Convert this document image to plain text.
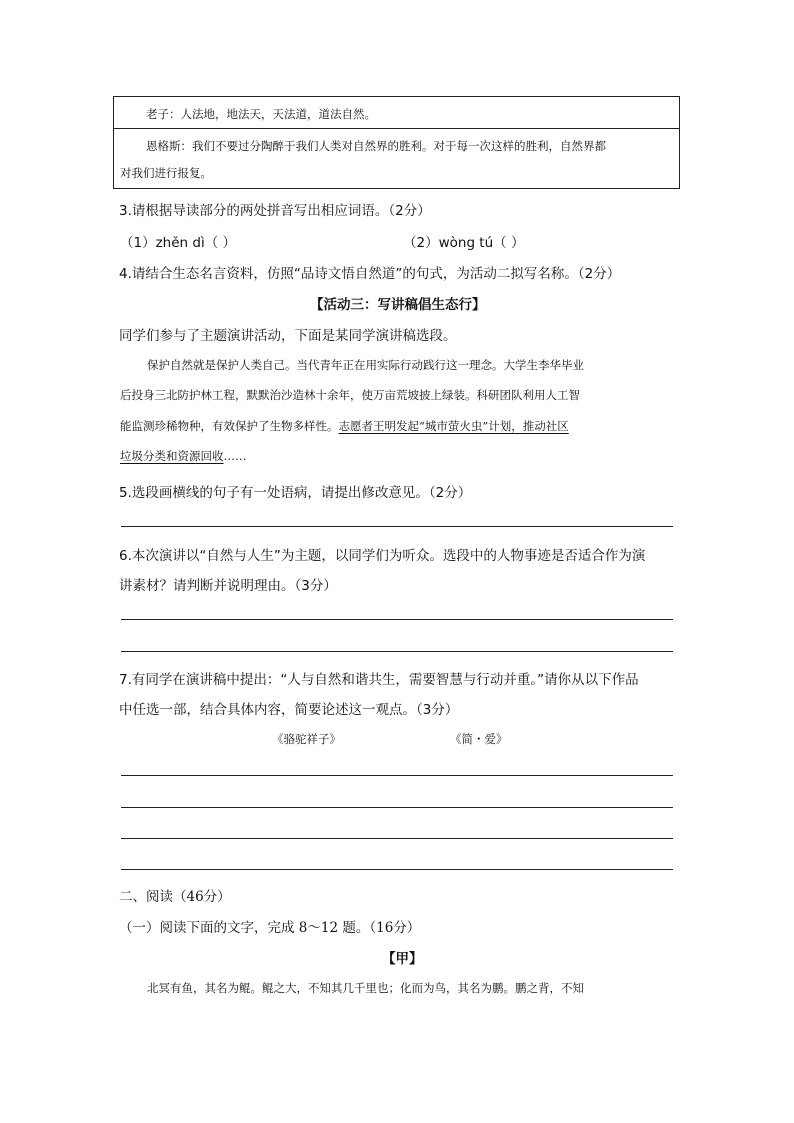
老子：人法地，地法天，天法道，道法自然。
恩格斯：我们不要过分陶醉于我们人类对自然界的胜利。对于每一次这样的胜利，自然界都
对我们进行报复。
3.请根据导读部分的两处拼音写出相应词语。（2分）
（1）zhěn dì（ ）	（2）wòng tú（ ）
4.请结合生态名言资料，仿照“品诗文悟自然道”的句式，为活动二拟写名称。（2分）
【活动三：写讲稿倡生态行】
同学们参与了主题演讲活动，下面是某同学演讲稿选段。
保护自然就是保护人类自己。当代青年正在用实际行动践行这一理念。大学生李华毕业
后投身三北防护林工程，默默治沙造林十余年，使万亩荒坡披上绿装。科研团队利用人工智
能监测珍稀物种，有效保护了生物多样性。志愿者王明发起“城市萤火虫”计划，推动社区
垃圾分类和资源回收……
5.选段画横线的句子有一处语病，请提出修改意见。（2分）
6.本次演讲以“自然与人生”为主题，以同学们为听众。选段中的人物事迹是否适合作为演
讲素材？请判断并说明理由。（3分）
7.有同学在演讲稿中提出：“人与自然和谐共生，需要智慧与行动并重。”请你从以下作品
中任选一部，结合具体内容，简要论述这一观点。（3分）
《骆驼祥子》	《简・爱》
二、阅读（46分）
（一）阅读下面的文字，完成 8～12 题。（16分）
【甲】
北冥有鱼，其名为鲲。鲲之大，不知其几千里也；化而为鸟，其名为鹏。鹏之背，不知
